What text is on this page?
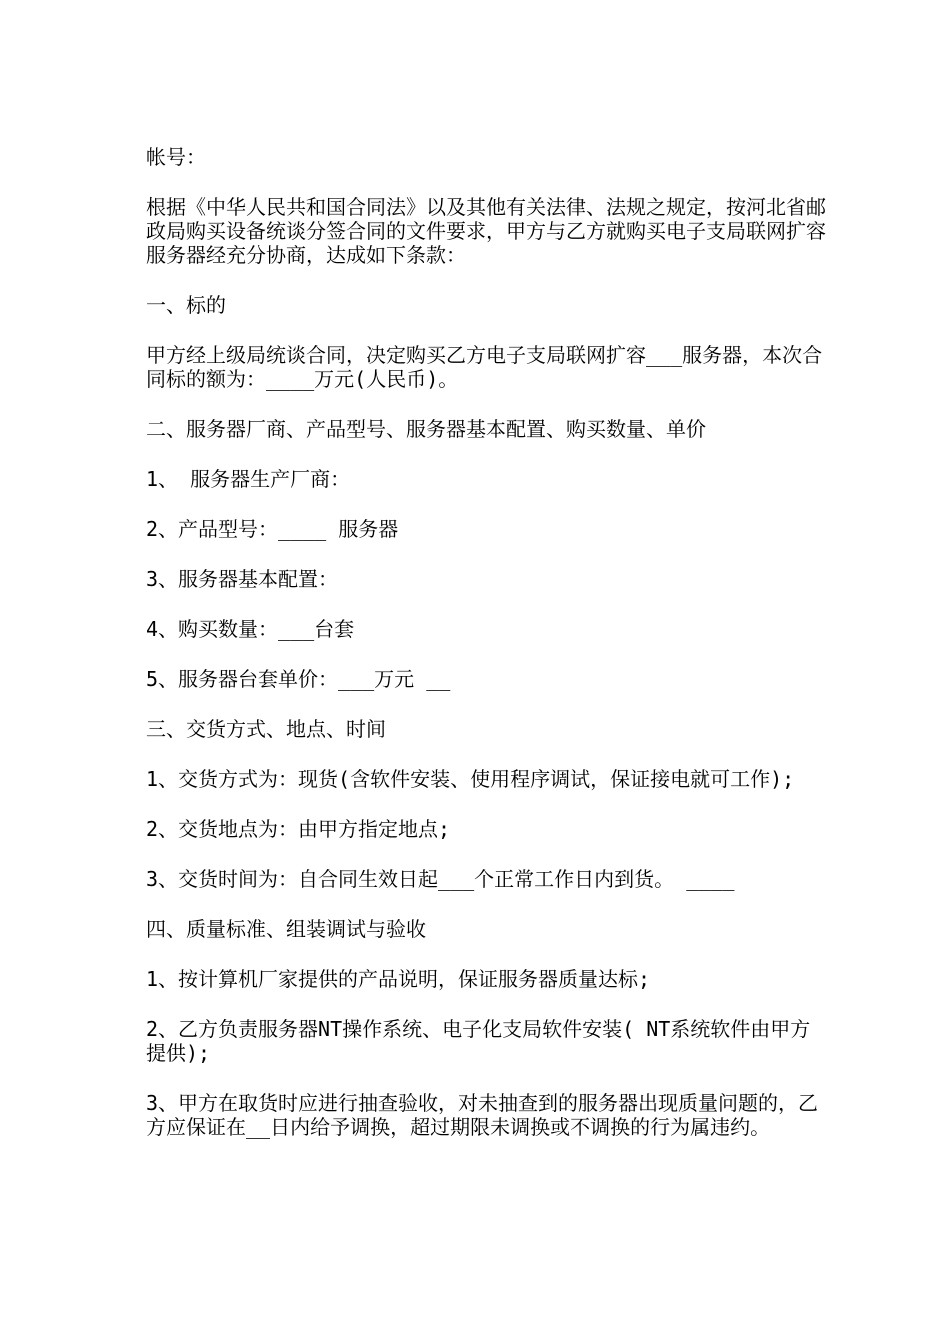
帐号：

根据《中华人民共和国合同法》以及其他有关法律、法规之规定，按河北省邮政局购买设备统谈分签合同的文件要求，甲方与乙方就购买电子支局联网扩容服务器经充分协商，达成如下条款：

一、标的

甲方经上级局统谈合同，决定购买乙方电子支局联网扩容___服务器，本次合同标的额为：____万元(人民币)。

二、服务器厂商、产品型号、服务器基本配置、购买数量、单价

1、 服务器生产厂商：

2、产品型号：____ 服务器

3、服务器基本配置：

4、购买数量：___台套

5、服务器台套单价：___万元 __

三、交货方式、地点、时间

1、交货方式为：现货(含软件安装、使用程序调试，保证接电就可工作);

2、交货地点为：由甲方指定地点;

3、交货时间为：自合同生效日起___个正常工作日内到货。 ____

四、质量标准、组装调试与验收

1、按计算机厂家提供的产品说明，保证服务器质量达标;

2、乙方负责服务器NT操作系统、电子化支局软件安装( NT系统软件由甲方提供);

3、甲方在取货时应进行抽查验收，对未抽查到的服务器出现质量问题的，乙方应保证在__日内给予调换，超过期限未调换或不调换的行为属违约。
